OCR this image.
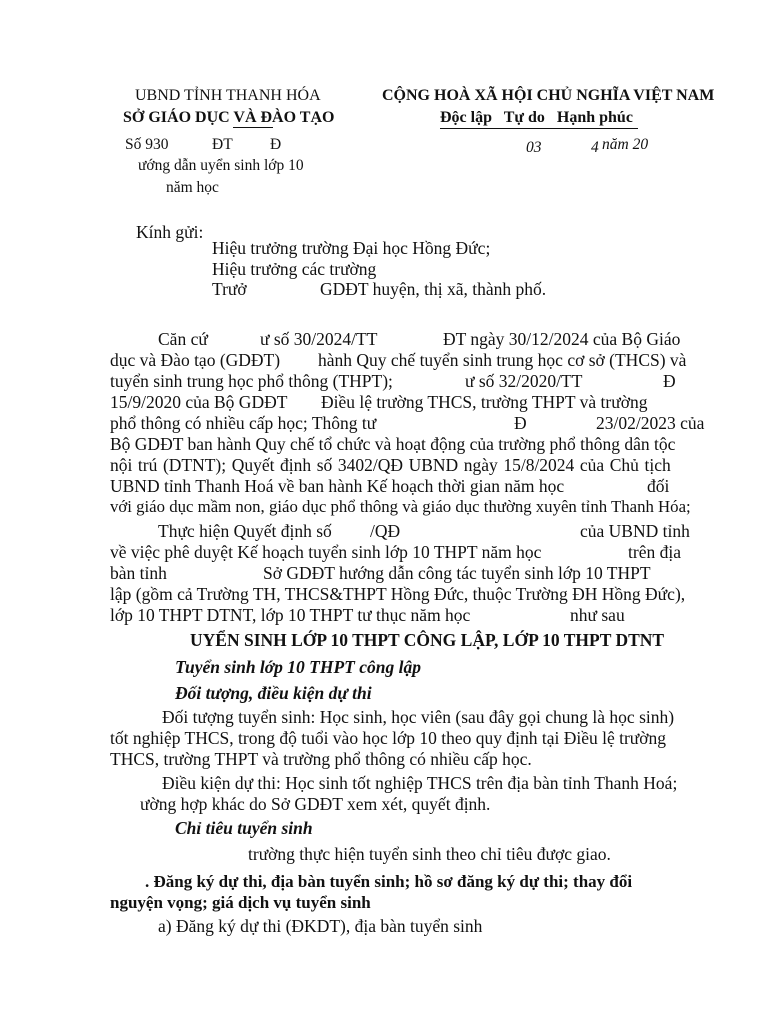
UBND TỈNH THANH HÓA
SỞ GIÁO DỤC VÀ ĐÀO TẠO
CỘNG HOÀ XÃ HỘI CHỦ NGHĨA VIỆT NAM
Độc lập   Tự do   Hạnh phúc
Số 930	ĐT Đ
ướng dẫn uyển sinh lớp 10
năm học
03	4 năm 20
Kính gửi:
Hiệu trưởng trường Đại học Hồng Đức;
Hiệu trưởng các trường
Trưở	GDĐT huyện, thị xã, thành phố.
Căn cứ	ư số 30/2024/TT	ĐT ngày 30/12/2024 của Bộ Giáo
dục và Đào tạo (GDĐT) hành Quy chế tuyển sinh trung học cơ sở (THCS) và
tuyển sinh trung học phổ thông (THPT);	ư số 32/2020/TT	Đ
15/9/2020 của Bộ GDĐT Điều lệ trường THCS, trường THPT và trường
phổ thông có nhiều cấp học; Thông tư	Đ	23/02/2023 của
Bộ GDĐT ban hành Quy chế tổ chức và hoạt động của trường phổ thông dân tộc
nội trú (DTNT); Quyết định số 3402/QĐ UBND ngày 15/8/2024 của Chủ tịch
UBND tỉnh Thanh Hoá về ban hành Kế hoạch thời gian năm học	đối
với giáo dục mầm non, giáo dục phổ thông và giáo dục thường xuyên tỉnh Thanh Hóa;
Thực hiện Quyết định số /QĐ	của UBND tỉnh
về việc phê duyệt Kế hoạch tuyển sinh lớp 10 THPT năm học	trên địa
bàn tỉnh	Sở GDĐT hướng dẫn công tác tuyển sinh lớp 10 THPT
lập (gồm cả Trường TH, THCS&THPT Hồng Đức, thuộc Trường ĐH Hồng Đức),
lớp 10 THPT DTNT, lớp 10 THPT tư thục năm học	như sau
UYỂN SINH LỚP 10 THPT CÔNG LẬP, LỚP 10 THPT DTNT
Tuyển sinh lớp 10 THPT công lập
Đối tượng, điều kiện dự thi
Đối tượng tuyển sinh: Học sinh, học viên (sau đây gọi chung là học sinh)
tốt nghiệp THCS, trong độ tuổi vào học lớp 10 theo quy định tại Điều lệ trường
THCS, trường THPT và trường phổ thông có nhiều cấp học.
Điều kiện dự thi: Học sinh tốt nghiệp THCS trên địa bàn tỉnh Thanh Hoá;
ường hợp khác do Sở GDĐT xem xét, quyết định.
Chỉ tiêu tuyển sinh
trường thực hiện tuyển sinh theo chỉ tiêu được giao.
. Đăng ký dự thi, địa bàn tuyển sinh; hồ sơ đăng ký dự thi; thay đổi
nguyện vọng; giá dịch vụ tuyển sinh
a) Đăng ký dự thi (ĐKDT), địa bàn tuyển sinh
